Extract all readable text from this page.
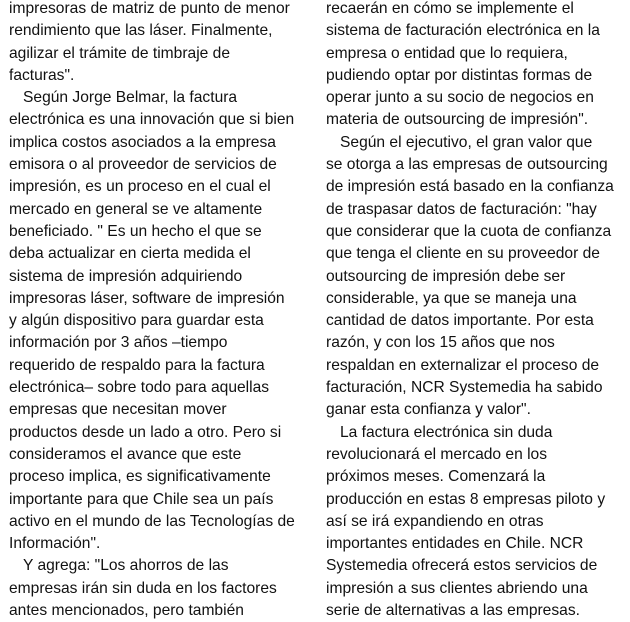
impresoras de matriz de punto de menor
rendimiento que las láser. Finalmente,
agilizar el trámite de timbraje de
facturas".
Según Jorge Belmar, la factura
electrónica es una innovación que si bien
implica costos asociados a la empresa
emisora o al proveedor de servicios de
impresión, es un proceso en el cual el
mercado en general se ve altamente
beneficiado. " Es un hecho el que se
deba actualizar en cierta medida el
sistema de impresión adquiriendo
impresoras láser, software de impresión
y algún dispositivo para guardar esta
información por 3 años –tiempo
requerido de respaldo para la factura
electrónica– sobre todo para aquellas
empresas que necesitan mover
productos desde un lado a otro. Pero si
consideramos el avance que este
proceso implica, es significativamente
importante para que Chile sea un país
activo en el mundo de las Tecnologías de
Información".
Y agrega: "Los ahorros de las
empresas irán sin duda en los factores
antes mencionados, pero también
recaerán en cómo se implemente el
sistema de facturación electrónica en la
empresa o entidad que lo requiera,
pudiendo optar por distintas formas de
operar junto a su socio de negocios en
materia de outsourcing de impresión".
Según el ejecutivo, el gran valor que
se otorga a las empresas de outsourcing
de impresión está basado en la confianza
de traspasar datos de facturación: "hay
que considerar que la cuota de confianza
que tenga el cliente en su proveedor de
outsourcing de impresión debe ser
considerable, ya que se maneja una
cantidad de datos importante. Por esta
razón, y con los 15 años que nos
respaldan en externalizar el proceso de
facturación, NCR Systemedia ha sabido
ganar esta confianza y valor".
La factura electrónica sin duda
revolucionará el mercado en los
próximos meses. Comenzará la
producción en estas 8 empresas piloto y
así se irá expandiendo en otras
importantes entidades en Chile. NCR
Systemedia ofrecerá estos servicios de
impresión a sus clientes abriendo una
serie de alternativas a las empresas.
